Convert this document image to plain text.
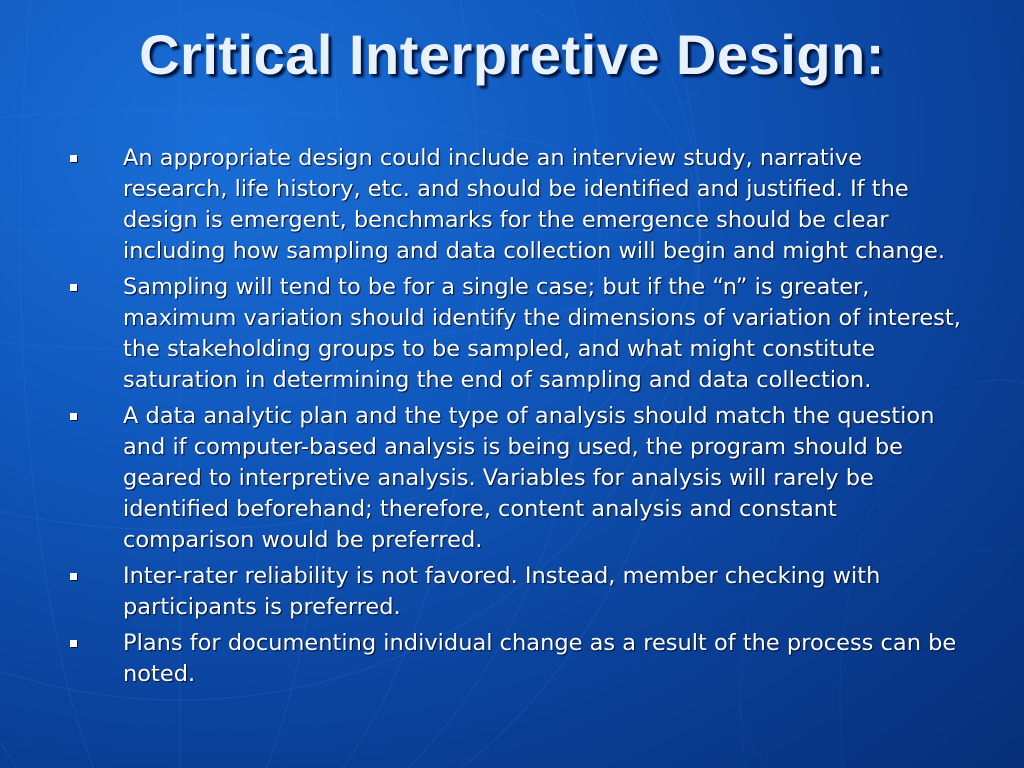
Critical Interpretive Design:
An appropriate design could include an interview study, narrative research, life history, etc. and should be identified and justified. If the design is emergent, benchmarks for the emergence should be clear including how sampling and data collection will begin and might change.
Sampling will tend to be for a single case; but if the “n” is greater, maximum variation should identify the dimensions of variation of interest, the stakeholding groups to be sampled, and what might constitute saturation in determining the end of sampling and data collection.
A data analytic plan and the type of analysis should match the question and if computer-based analysis is being used, the program should be geared to interpretive analysis. Variables for analysis will rarely be identified beforehand; therefore, content analysis and constant comparison would be preferred.
Inter-rater reliability is not favored. Instead, member checking with participants is preferred.
Plans for documenting individual change as a result of the process can be noted.
